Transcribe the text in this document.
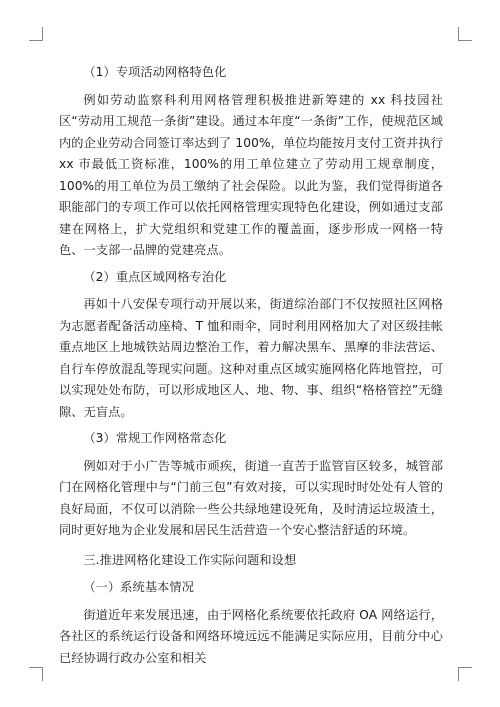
（1）专项活动网格特色化

例如劳动监察科利用网格管理积极推进新筹建的 xx 科技园社区“劳动用工规范一条街”建设。通过本年度“一条街”工作，使规范区域内的企业劳动合同签订率达到了 100%，单位均能按月支付工资并执行 xx 市最低工资标准，100%的用工单位建立了劳动用工规章制度，100%的用工单位为员工缴纳了社会保险。以此为鉴，我们觉得街道各职能部门的专项工作可以依托网格管理实现特色化建设，例如通过支部建在网格上，扩大党组织和党建工作的覆盖面，逐步形成一网格一特色、一支部一品牌的党建亮点。

（2）重点区域网格专治化

再如十八安保专项行动开展以来，街道综治部门不仅按照社区网格为志愿者配备活动座椅、T 恤和雨伞，同时利用网格加大了对区级挂帐重点地区上地城铁站周边整治工作，着力解决黑车、黑摩的非法营运、自行车停放混乱等现实问题。这种对重点区域实施网格化阵地管控，可以实现处处布防，可以形成地区人、地、物、事、组织“格格管控”无缝隙、无盲点。

（3）常规工作网格常态化

例如对于小广告等城市顽疾，街道一直苦于监管盲区较多，城管部门在网格化管理中与“门前三包”有效对接，可以实现时时处处有人管的良好局面，不仅可以消除一些公共绿地建设死角，及时清运垃圾渣土，同时更好地为企业发展和居民生活营造一个安心整洁舒适的环境。

三.推进网格化建设工作实际问题和设想

（一）系统基本情况

街道近年来发展迅速，由于网格化系统要依托政府 OA 网络运行，各社区的系统运行设备和网络环境远远不能满足实际应用，目前分中心已经协调行政办公室和相关
